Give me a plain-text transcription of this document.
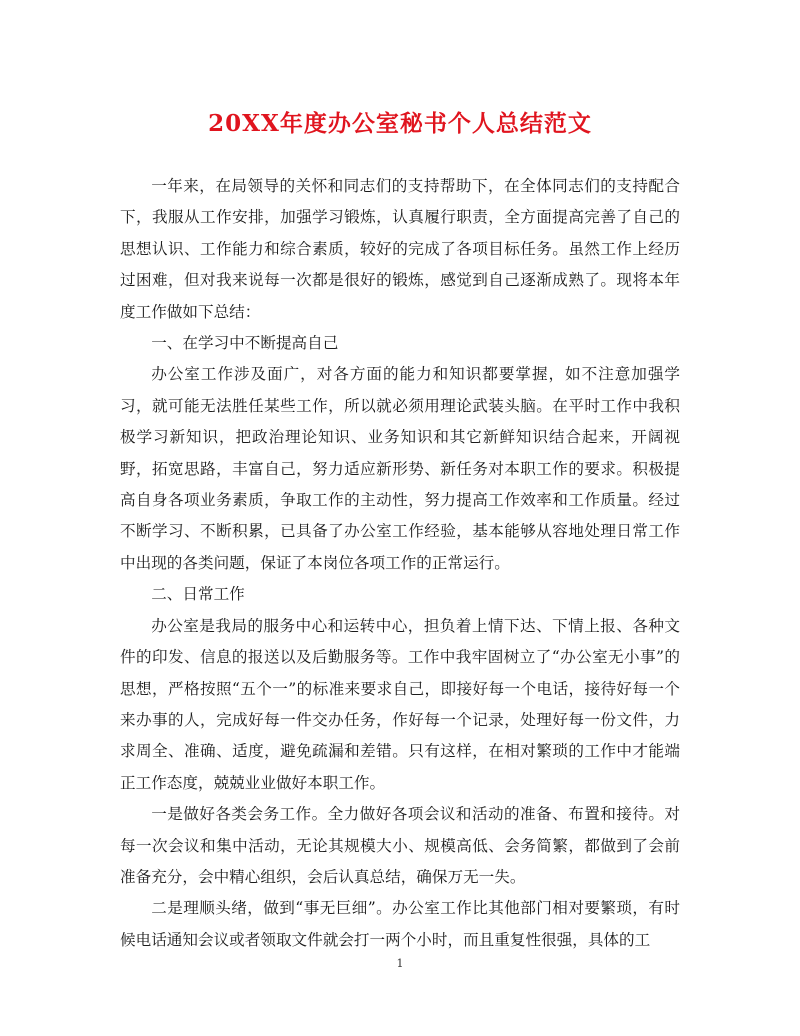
20XX年度办公室秘书个人总结范文

一年来，在局领导的关怀和同志们的支持帮助下，在全体同志们的支持配合下，我服从工作安排，加强学习锻炼，认真履行职责，全方面提高完善了自己的思想认识、工作能力和综合素质，较好的完成了各项目标任务。虽然工作上经历过困难，但对我来说每一次都是很好的锻炼，感觉到自己逐渐成熟了。现将本年度工作做如下总结：

一、在学习中不断提高自己

办公室工作涉及面广，对各方面的能力和知识都要掌握，如不注意加强学习，就可能无法胜任某些工作，所以就必须用理论武装头脑。在平时工作中我积极学习新知识，把政治理论知识、业务知识和其它新鲜知识结合起来，开阔视野，拓宽思路，丰富自己，努力适应新形势、新任务对本职工作的要求。积极提高自身各项业务素质，争取工作的主动性，努力提高工作效率和工作质量。经过不断学习、不断积累，已具备了办公室工作经验，基本能够从容地处理日常工作中出现的各类问题，保证了本岗位各项工作的正常运行。

二、日常工作

办公室是我局的服务中心和运转中心，担负着上情下达、下情上报、各种文件的印发、信息的报送以及后勤服务等。工作中我牢固树立了“办公室无小事”的思想，严格按照“五个一”的标准来要求自己，即接好每一个电话，接待好每一个来办事的人，完成好每一件交办任务，作好每一个记录，处理好每一份文件，力求周全、准确、适度，避免疏漏和差错。只有这样，在相对繁琐的工作中才能端正工作态度，兢兢业业做好本职工作。

一是做好各类会务工作。全力做好各项会议和活动的准备、布置和接待。对每一次会议和集中活动，无论其规模大小、规模高低、会务简繁，都做到了会前准备充分，会中精心组织，会后认真总结，确保万无一失。

二是理顺头绪，做到“事无巨细”。办公室工作比其他部门相对要繁琐，有时候电话通知会议或者领取文件就会打一两个小时，而且重复性很强，具体的工

1
